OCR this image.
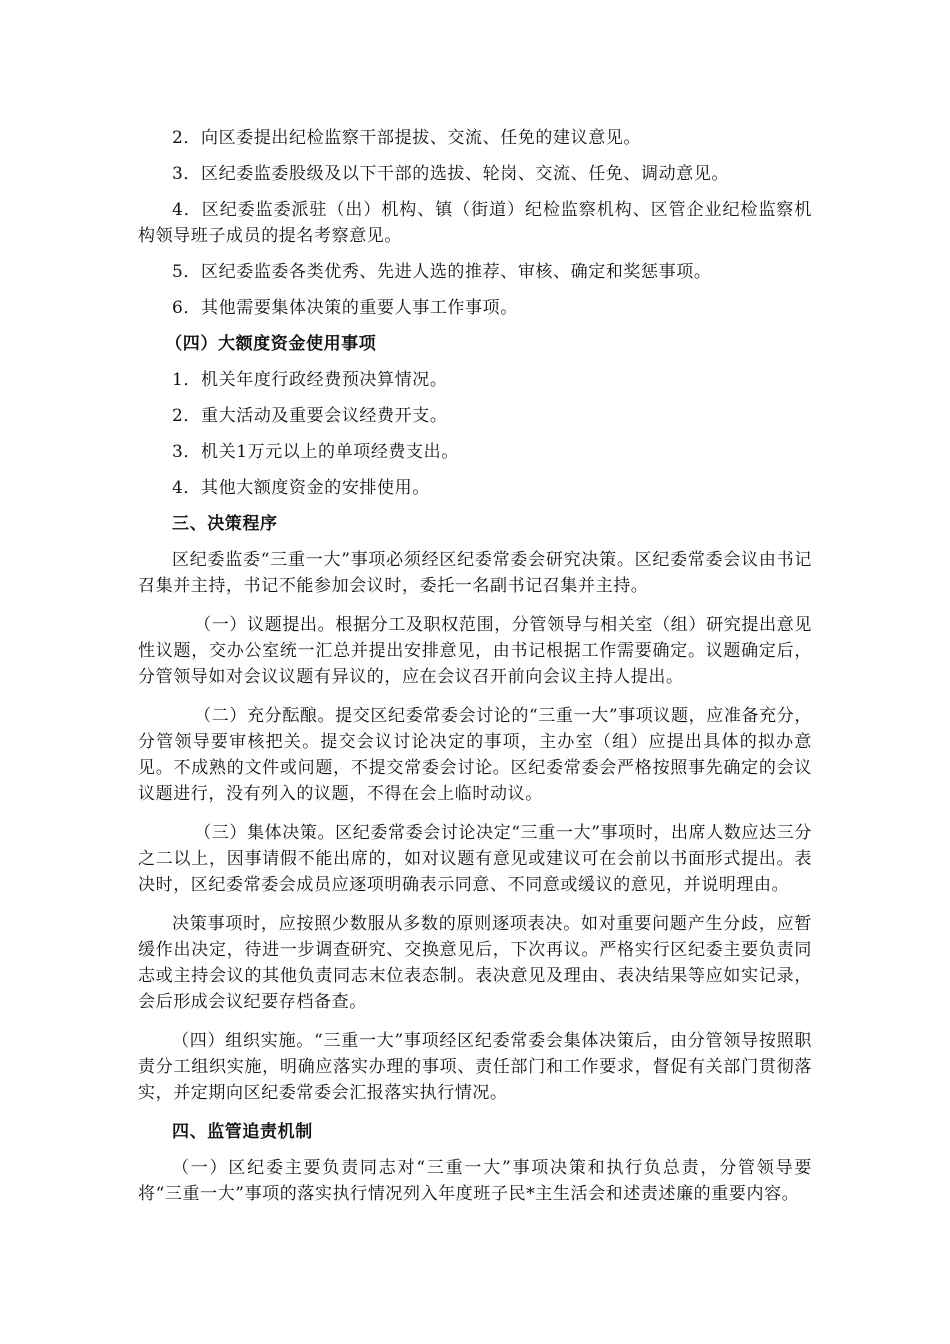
2．向区委提出纪检监察干部提拔、交流、任免的建议意见。

3．区纪委监委股级及以下干部的选拔、轮岗、交流、任免、调动意见。

4．区纪委监委派驻（出）机构、镇（街道）纪检监察机构、区管企业纪检监察机构领导班子成员的提名考察意见。

5．区纪委监委各类优秀、先进人选的推荐、审核、确定和奖惩事项。

6．其他需要集体决策的重要人事工作事项。

（四）大额度资金使用事项

1．机关年度行政经费预决算情况。

2．重大活动及重要会议经费开支。

3．机关1万元以上的单项经费支出。

4．其他大额度资金的安排使用。

三、决策程序

区纪委监委“三重一大”事项必须经区纪委常委会研究决策。区纪委常委会议由书记召集并主持，书记不能参加会议时，委托一名副书记召集并主持。

（一）议题提出。根据分工及职权范围，分管领导与相关室（组）研究提出意见性议题，交办公室统一汇总并提出安排意见，由书记根据工作需要确定。议题确定后，分管领导如对会议议题有异议的，应在会议召开前向会议主持人提出。

（二）充分酝酿。提交区纪委常委会讨论的“三重一大”事项议题，应准备充分，分管领导要审核把关。提交会议讨论决定的事项，主办室（组）应提出具体的拟办意见。不成熟的文件或问题，不提交常委会讨论。区纪委常委会严格按照事先确定的会议议题进行，没有列入的议题，不得在会上临时动议。

（三）集体决策。区纪委常委会讨论决定“三重一大”事项时，出席人数应达三分之二以上，因事请假不能出席的，如对议题有意见或建议可在会前以书面形式提出。表决时，区纪委常委会成员应逐项明确表示同意、不同意或缓议的意见，并说明理由。

决策事项时，应按照少数服从多数的原则逐项表决。如对重要问题产生分歧，应暂缓作出决定，待进一步调查研究、交换意见后，下次再议。严格实行区纪委主要负责同志或主持会议的其他负责同志末位表态制。表决意见及理由、表决结果等应如实记录，会后形成会议纪要存档备查。

（四）组织实施。“三重一大”事项经区纪委常委会集体决策后，由分管领导按照职责分工组织实施，明确应落实办理的事项、责任部门和工作要求，督促有关部门贯彻落实，并定期向区纪委常委会汇报落实执行情况。

四、监管追责机制

（一）区纪委主要负责同志对“三重一大”事项决策和执行负总责，分管领导要将“三重一大”事项的落实执行情况列入年度班子民*主生活会和述责述廉的重要内容。
